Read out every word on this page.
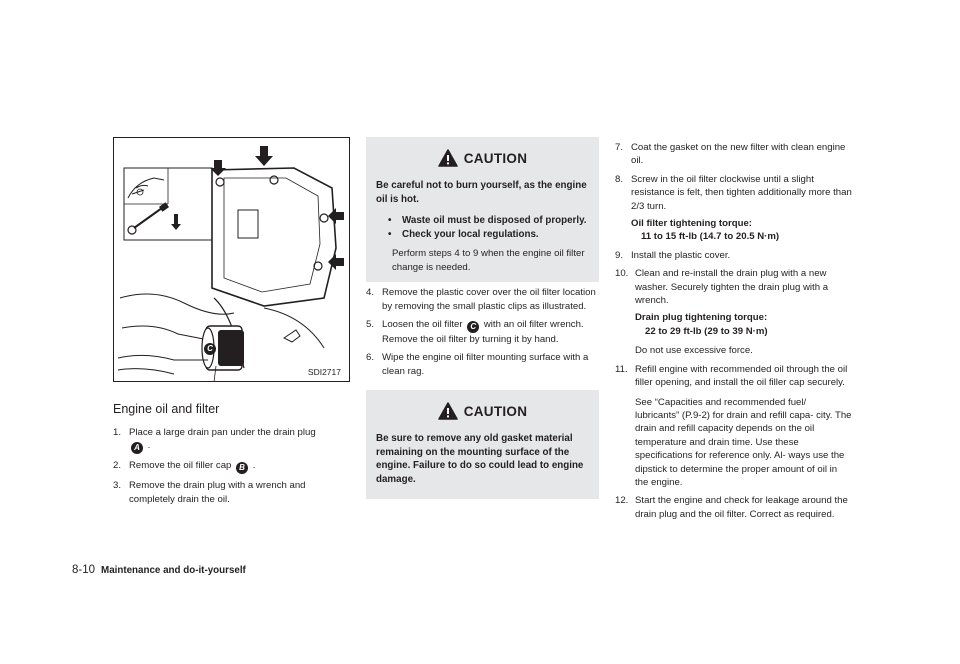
C
SDI2717
Engine oil and filter
1. Place a large drain pan under the drain plug
A .
2. Remove the oil filler cap B .
3. Remove the drain plug with a wrench and completely drain the oil.
CAUTION
Be careful not to burn yourself, as the engine oil is hot.
• Waste oil must be disposed of properly.
• Check your local regulations.

Perform steps 4 to 9 when the engine oil filter change is needed.

4. Remove the plastic cover over the oil filter location by removing the small plastic clips as illustrated.
5. Loosen the oil filter C with an oil filter wrench. Remove the oil filter by turning it by hand.
6. Wipe the engine oil filter mounting surface with a clean rag.
CAUTION
Be sure to remove any old gasket material remaining on the mounting surface of the engine. Failure to do so could lead to engine damage.
7. Coat the gasket on the new filter with clean engine oil.
8. Screw in the oil filter clockwise until a slight resistance is felt, then tighten additionally more than 2/3 turn.
Oil filter tightening torque:
11 to 15 ft-lb (14.7 to 20.5 N·m)
9. Install the plastic cover.
10. Clean and re-install the drain plug with a new washer. Securely tighten the drain plug with a wrench.
Drain plug tightening torque:
22 to 29 ft-lb (29 to 39 N·m)
Do not use excessive force.
11. Refill engine with recommended oil through the oil filler opening, and install the oil filler cap securely.
See “Capacities and recommended fuel/ lubricants” (P.9-2) for drain and refill capa- city. The drain and refill capacity depends on the oil temperature and drain time. Use these specifications for reference only. Al- ways use the dipstick to determine the proper amount of oil in the engine.
12. Start the engine and check for leakage around the drain plug and the oil filter. Correct as required.
8-10 Maintenance and do-it-yourself
